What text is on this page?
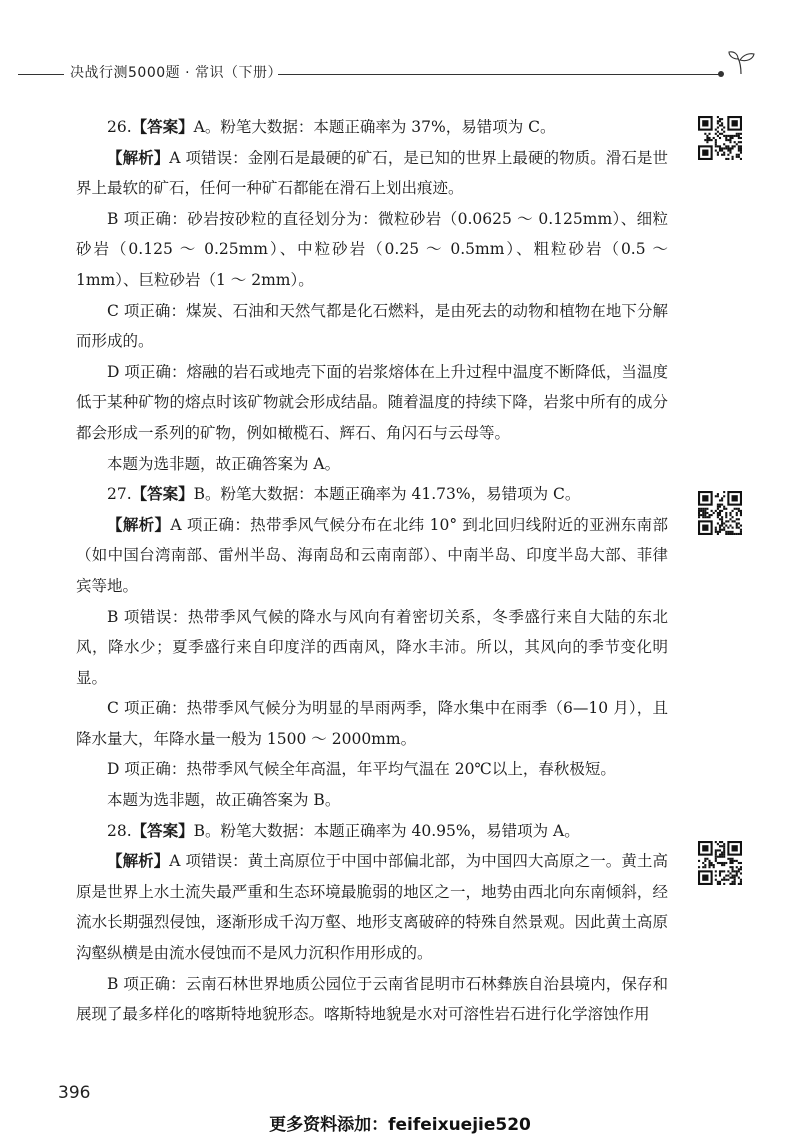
决战行测5000题 · 常识（下册）

26.【答案】A。粉笔大数据：本题正确率为 37%，易错项为 C。

【解析】A 项错误：金刚石是最硬的矿石，是已知的世界上最硬的物质。滑石是世界上最软的矿石，任何一种矿石都能在滑石上划出痕迹。

B 项正确：砂岩按砂粒的直径划分为：微粒砂岩（0.0625 ～ 0.125mm）、细粒砂岩（0.125 ～ 0.25mm）、中粒砂岩（0.25 ～ 0.5mm）、粗粒砂岩（0.5 ～ 1mm）、巨粒砂岩（1 ～ 2mm）。

C 项正确：煤炭、石油和天然气都是化石燃料，是由死去的动物和植物在地下分解而形成的。

D 项正确：熔融的岩石或地壳下面的岩浆熔体在上升过程中温度不断降低，当温度低于某种矿物的熔点时该矿物就会形成结晶。随着温度的持续下降，岩浆中所有的成分都会形成一系列的矿物，例如橄榄石、辉石、角闪石与云母等。

本题为选非题，故正确答案为 A。

27.【答案】B。粉笔大数据：本题正确率为 41.73%，易错项为 C。

【解析】A 项正确：热带季风气候分布在北纬 10° 到北回归线附近的亚洲东南部（如中国台湾南部、雷州半岛、海南岛和云南南部）、中南半岛、印度半岛大部、菲律宾等地。

B 项错误：热带季风气候的降水与风向有着密切关系，冬季盛行来自大陆的东北风，降水少；夏季盛行来自印度洋的西南风，降水丰沛。所以，其风向的季节变化明显。

C 项正确：热带季风气候分为明显的旱雨两季，降水集中在雨季（6—10 月），且降水量大，年降水量一般为 1500 ～ 2000mm。

D 项正确：热带季风气候全年高温，年平均气温在 20℃以上，春秋极短。

本题为选非题，故正确答案为 B。

28.【答案】B。粉笔大数据：本题正确率为 40.95%，易错项为 A。

【解析】A 项错误：黄土高原位于中国中部偏北部，为中国四大高原之一。黄土高原是世界上水土流失最严重和生态环境最脆弱的地区之一，地势由西北向东南倾斜，经流水长期强烈侵蚀，逐渐形成千沟万壑、地形支离破碎的特殊自然景观。因此黄土高原沟壑纵横是由流水侵蚀而不是风力沉积作用形成的。

B 项正确：云南石林世界地质公园位于云南省昆明市石林彝族自治县境内，保存和展现了最多样化的喀斯特地貌形态。喀斯特地貌是水对可溶性岩石进行化学溶蚀作用

396
更多资料添加：feifeixuejie520
